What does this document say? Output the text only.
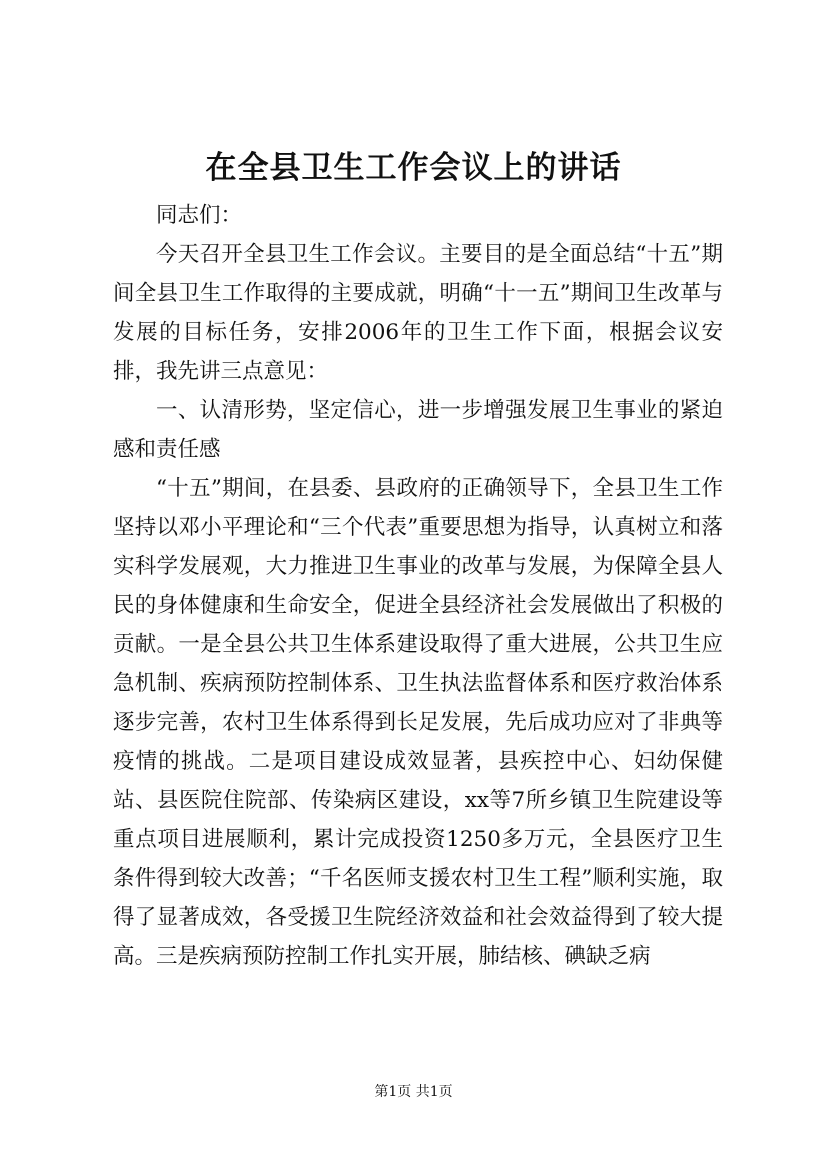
在全县卫生工作会议上的讲话

同志们：

今天召开全县卫生工作会议。主要目的是全面总结“十五”期间全县卫生工作取得的主要成就，明确“十一五”期间卫生改革与发展的目标任务，安排2006年的卫生工作下面，根据会议安排，我先讲三点意见：

一、认清形势，坚定信心，进一步增强发展卫生事业的紧迫感和责任感

“十五”期间，在县委、县政府的正确领导下，全县卫生工作坚持以邓小平理论和“三个代表”重要思想为指导，认真树立和落实科学发展观，大力推进卫生事业的改革与发展，为保障全县人民的身体健康和生命安全，促进全县经济社会发展做出了积极的贡献。一是全县公共卫生体系建设取得了重大进展，公共卫生应急机制、疾病预防控制体系、卫生执法监督体系和医疗救治体系逐步完善，农村卫生体系得到长足发展，先后成功应对了非典等疫情的挑战。二是项目建设成效显著，县疾控中心、妇幼保健站、县医院住院部、传染病区建设，xx等7所乡镇卫生院建设等重点项目进展顺利，累计完成投资1250多万元，全县医疗卫生条件得到较大改善；“千名医师支援农村卫生工程”顺利实施，取得了显著成效，各受援卫生院经济效益和社会效益得到了较大提高。三是疾病预防控制工作扎实开展，肺结核、碘缺乏病

第1页 共1页
